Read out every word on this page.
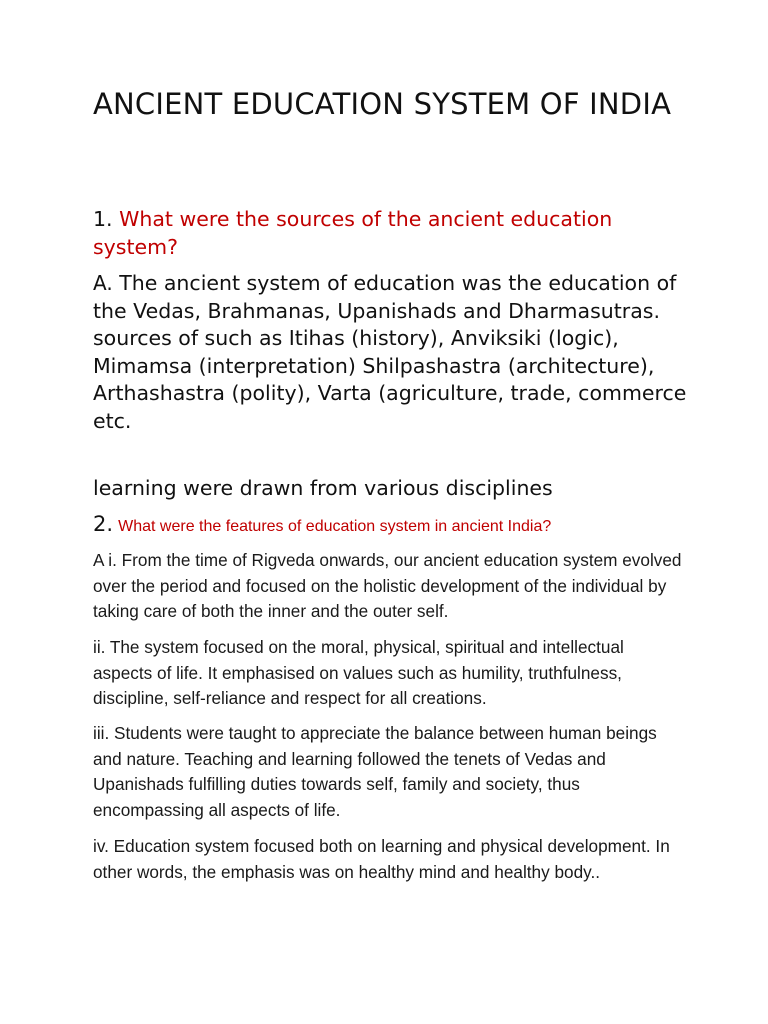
ANCIENT EDUCATION SYSTEM OF INDIA

1. What were the sources of the ancient education system?

A. The ancient system of education was the education of the Vedas, Brahmanas, Upanishads and Dharmasutras. sources of such as Itihas (history), Anviksiki (logic), Mimamsa (interpretation) Shilpashastra (architecture), Arthashastra (polity), Varta (agriculture, trade, commerce etc.

learning were drawn from various disciplines

2. What were the features of education system in ancient India?

A i. From the time of Rigveda onwards, our ancient education system evolved over the period and focused on the holistic development of the individual by taking care of both the inner and the outer self.

ii. The system focused on the moral, physical, spiritual and intellectual aspects of life. It emphasised on values such as humility, truthfulness, discipline, self-reliance and respect for all creations.

iii. Students were taught to appreciate the balance between human beings and nature. Teaching and learning followed the tenets of Vedas and Upanishads fulfilling duties towards self, family and society, thus encompassing all aspects of life.

iv. Education system focused both on learning and physical development. In other words, the emphasis was on healthy mind and healthy body..
